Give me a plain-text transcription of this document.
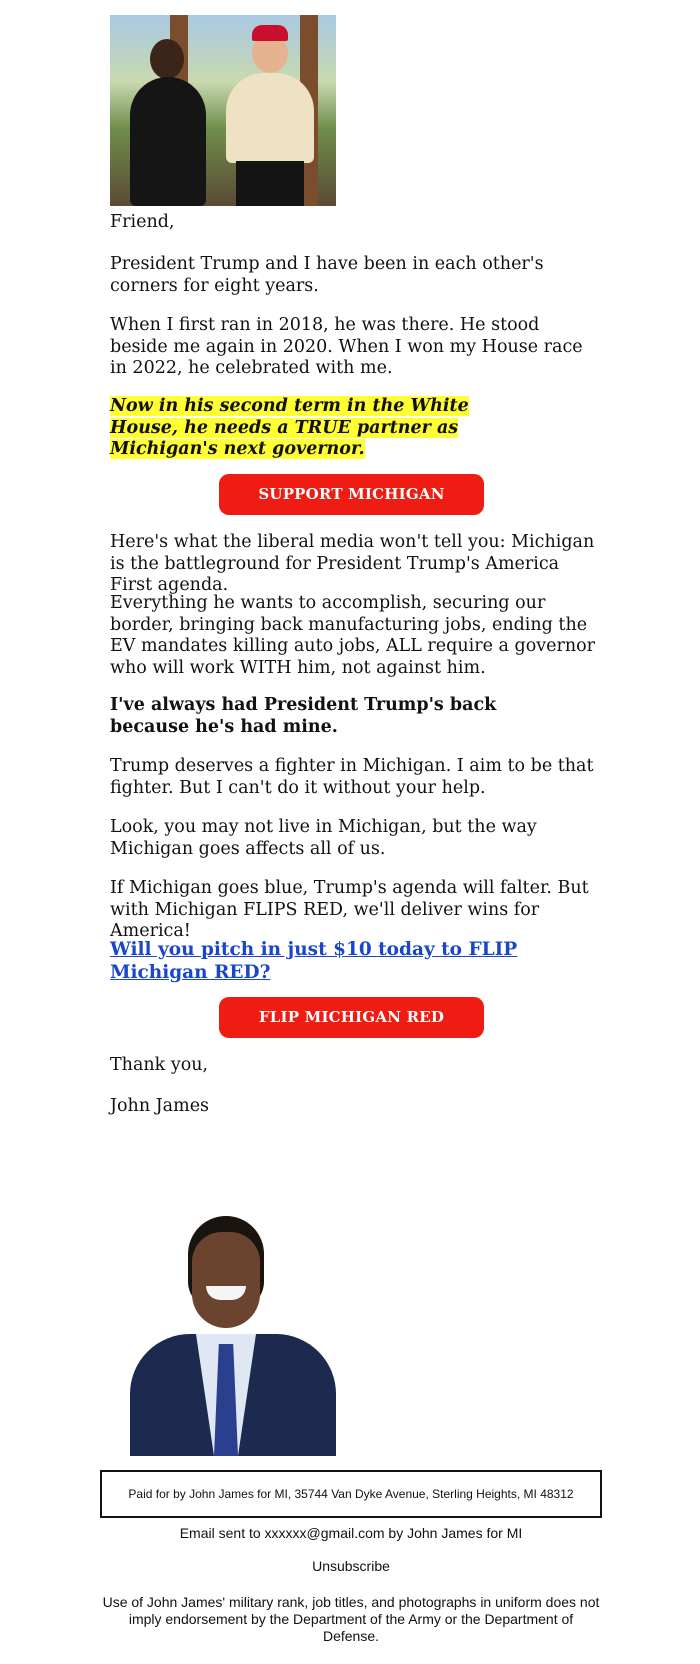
Friend,

President Trump and I have been in each other's corners for eight years.

When I first ran in 2018, he was there. He stood beside me again in 2020. When I won my House race in 2022, he celebrated with me.

Now in his second term in the White House, he needs a TRUE partner as Michigan's next governor.

SUPPORT MICHIGAN

Here's what the liberal media won't tell you: Michigan is the battleground for President Trump's America First agenda.

Everything he wants to accomplish, securing our border, bringing back manufacturing jobs, ending the EV mandates killing auto jobs, ALL require a governor who will work WITH him, not against him.

I've always had President Trump's back because he's had mine.

Trump deserves a fighter in Michigan. I aim to be that fighter. But I can't do it without your help.

Look, you may not live in Michigan, but the way Michigan goes affects all of us.

If Michigan goes blue, Trump's agenda will falter. But with Michigan FLIPS RED, we'll deliver wins for America!

Will you pitch in just $10 today to FLIP Michigan RED?

FLIP MICHIGAN RED

Thank you,

John James

Paid for by John James for MI, 35744 Van Dyke Avenue, Sterling Heights, MI 48312

Email sent to xxxxxx@gmail.com by John James for MI

Unsubscribe

Use of John James' military rank, job titles, and photographs in uniform does not imply endorsement by the Department of the Army or the Department of Defense.
